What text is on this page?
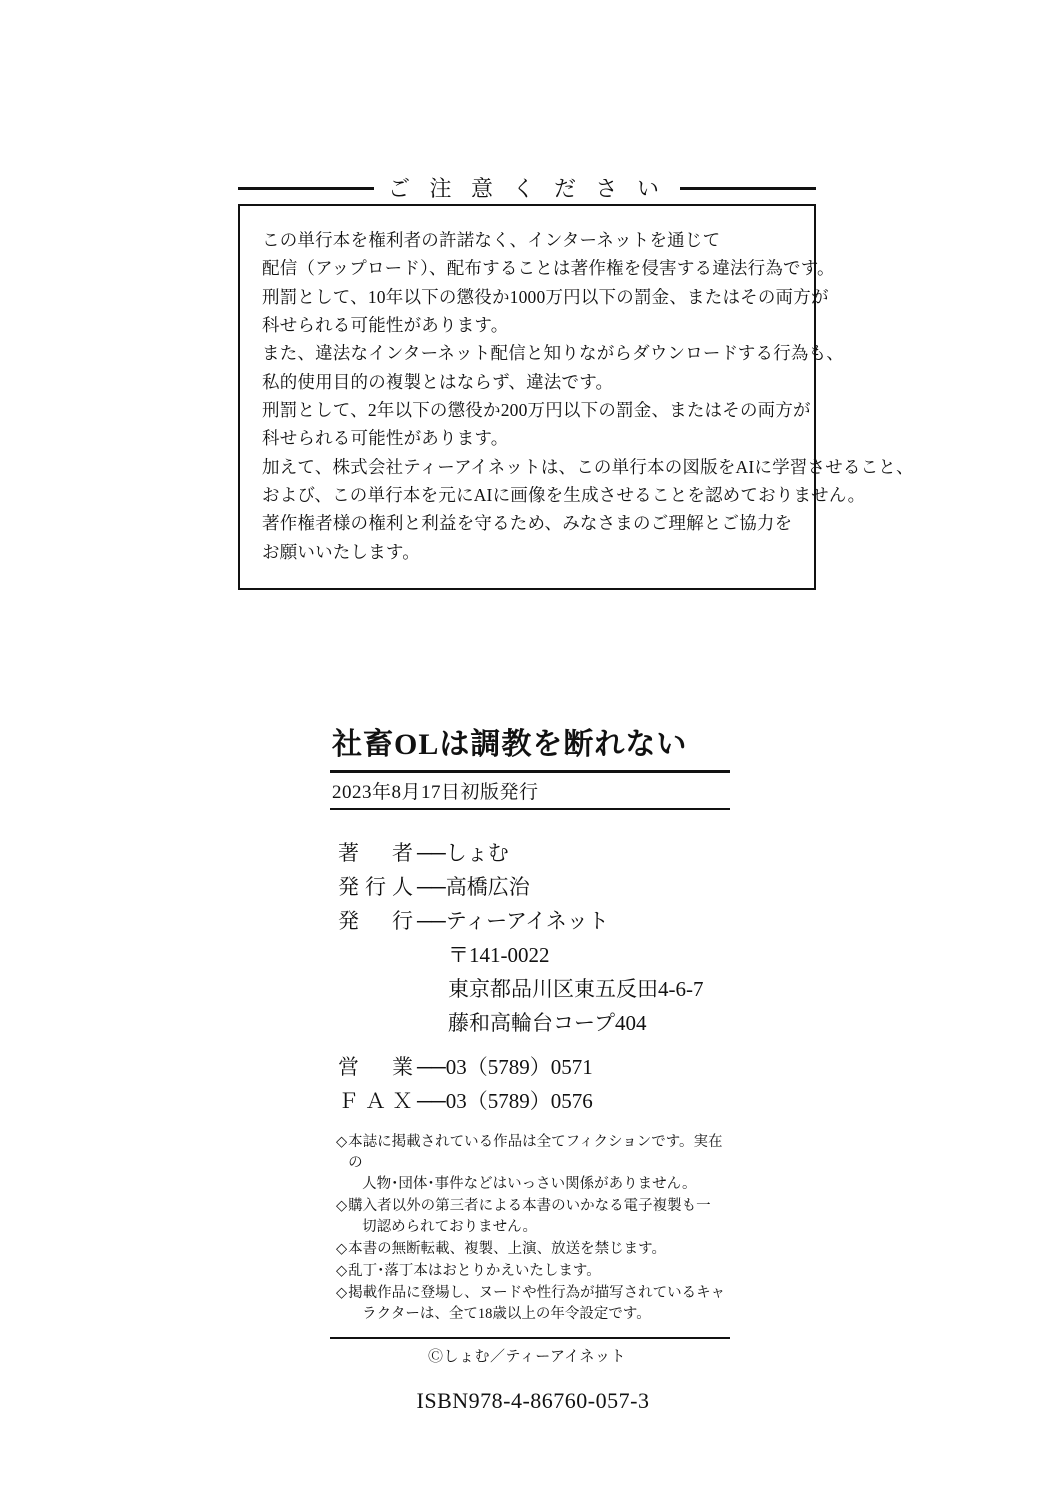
ご 注 意 く だ さ い

この単行本を権利者の許諾なく、インターネットを通じて

配信（アップロード）、配布することは著作権を侵害する違法行為です。

刑罰として、10年以下の懲役か1000万円以下の罰金、またはその両方が

科せられる可能性があります。

また、違法なインターネット配信と知りながらダウンロードする行為も、

私的使用目的の複製とはならず、違法です。

刑罰として、2年以下の懲役か200万円以下の罰金、またはその両方が

科せられる可能性があります。

加えて、株式会社ティーアイネットは、この単行本の図版をAIに学習させること、

および、この単行本を元にAIに画像を生成させることを認めておりません。

著作権者様の権利と利益を守るため、みなさまのご理解とご協力を

お願いいたします。

社畜OLは調教を断れない
2023年8月17日初版発行
著　者
── しょむ
発行人
── 高橋広治
発　行
── ティーアイネット
〒141-0022
東京都品川区東五反田4-6-7
藤和高輪台コープ404
営　業
── 03（5789）0571
ＦＡＸ
── 03（5789）0576
◇ 本誌に掲載されている作品は全てフィクションです。実在の
人物･団体･事件などはいっさい関係がありません。
◇ 購入者以外の第三者による本書のいかなる電子複製も一
切認められておりません。
◇ 本書の無断転載、複製、上演、放送を禁じます。
◇ 乱丁･落丁本はおとりかえいたします。
◇ 掲載作品に登場し、ヌードや性行為が描写されているキャ
ラクターは、全て18歳以上の年令設定です。
Ⓒしょむ／ティーアイネット
ISBN978-4-86760-057-3
